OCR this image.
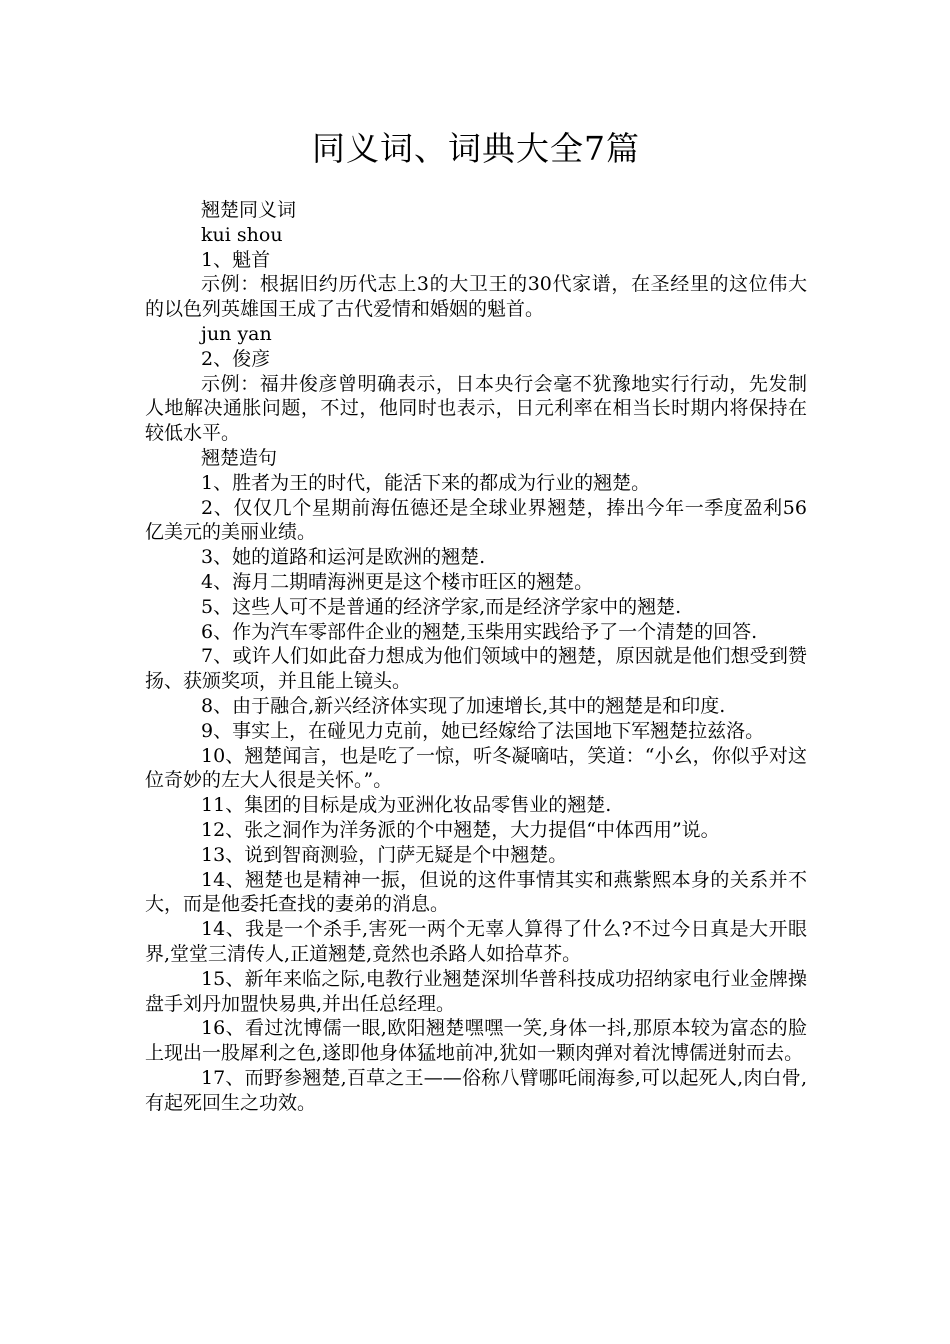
同义词、词典大全7篇

翘楚同义词

kui shou

1、魁首

示例：根据旧约历代志上3的大卫王的30代家谱，在圣经里的这位伟大的以色列英雄国王成了古代爱情和婚姻的魁首。

jun yan

2、俊彦

示例：福井俊彦曾明确表示，日本央行会毫不犹豫地实行行动，先发制人地解决通胀问题，不过，他同时也表示，日元利率在相当长时期内将保持在较低水平。

翘楚造句

1、胜者为王的时代，能活下来的都成为行业的翘楚。

2、仅仅几个星期前海伍德还是全球业界翘楚，捧出今年一季度盈利56亿美元的美丽业绩。

3、她的道路和运河是欧洲的翘楚.

4、海月二期晴海洲更是这个楼市旺区的翘楚。

5、这些人可不是普通的经济学家,而是经济学家中的翘楚.

6、作为汽车零部件企业的翘楚,玉柴用实践给予了一个清楚的回答.

7、或许人们如此奋力想成为他们领域中的翘楚，原因就是他们想受到赞扬、获颁奖项，并且能上镜头。

8、由于融合,新兴经济体实现了加速增长,其中的翘楚是和印度.

9、事实上，在碰见力克前，她已经嫁给了法国地下军翘楚拉兹洛。

10、翘楚闻言，也是吃了一惊，听冬凝嘀咕，笑道：“小幺，你似乎对这位奇妙的左大人很是关怀。”。

11、集团的目标是成为亚洲化妆品零售业的翘楚.

12、张之洞作为洋务派的个中翘楚，大力提倡“中体西用”说。

13、说到智商测验，门萨无疑是个中翘楚。

14、翘楚也是精神一振，但说的这件事情其实和燕紫熙本身的关系并不大，而是他委托查找的妻弟的消息。

14、我是一个杀手,害死一两个无辜人算得了什么?不过今日真是大开眼界,堂堂三清传人,正道翘楚,竟然也杀路人如拾草芥。

15、新年来临之际,电教行业翘楚深圳华普科技成功招纳家电行业金牌操盘手刘丹加盟快易典,并出任总经理。

16、看过沈博儒一眼,欧阳翘楚嘿嘿一笑,身体一抖,那原本较为富态的脸上现出一股犀利之色,遂即他身体猛地前冲,犹如一颗肉弹对着沈博儒迸射而去。

17、而野参翘楚,百草之王——俗称八臂哪吒闹海参,可以起死人,肉白骨,有起死回生之功效。
